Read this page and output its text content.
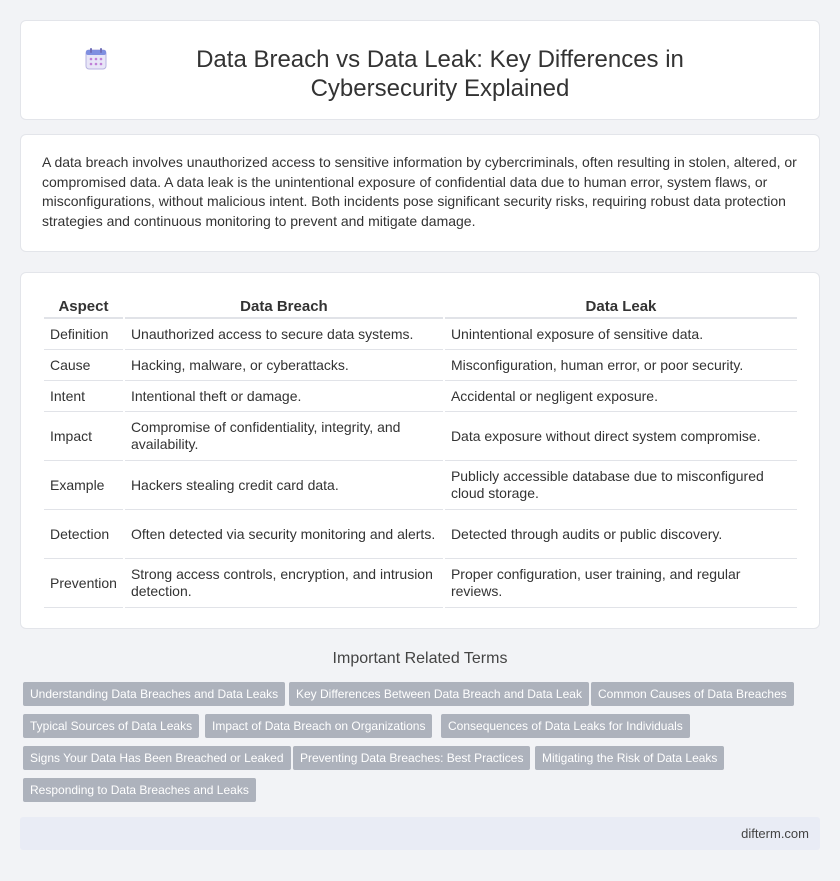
Data Breach vs Data Leak: Key Differences in Cybersecurity Explained

A data breach involves unauthorized access to sensitive information by cybercriminals, often resulting in stolen, altered, or compromised data. A data leak is the unintentional exposure of confidential data due to human error, system flaws, or misconfigurations, without malicious intent. Both incidents pose significant security risks, requiring robust data protection strategies and continuous monitoring to prevent and mitigate damage.

Aspect	Data Breach	Data Leak
Definition	Unauthorized access to secure data systems.	Unintentional exposure of sensitive data.
Cause	Hacking, malware, or cyberattacks.	Misconfiguration, human error, or poor security.
Intent	Intentional theft or damage.	Accidental or negligent exposure.
Impact	Compromise of confidentiality, integrity, and availability.	Data exposure without direct system compromise.
Example	Hackers stealing credit card data.	Publicly accessible database due to misconfigured cloud storage.
Detection	Often detected via security monitoring and alerts.	Detected through audits or public discovery.
Prevention	Strong access controls, encryption, and intrusion detection.	Proper configuration, user training, and regular reviews.
Important Related Terms
Understanding Data Breaches and Data Leaks	Key Differences Between Data Breach and Data Leak	Common Causes of Data Breaches
Typical Sources of Data Leaks	Impact of Data Breach on Organizations	Consequences of Data Leaks for Individuals
Signs Your Data Has Been Breached or Leaked	Preventing Data Breaches: Best Practices	Mitigating the Risk of Data Leaks
Responding to Data Breaches and Leaks
difterm.com
